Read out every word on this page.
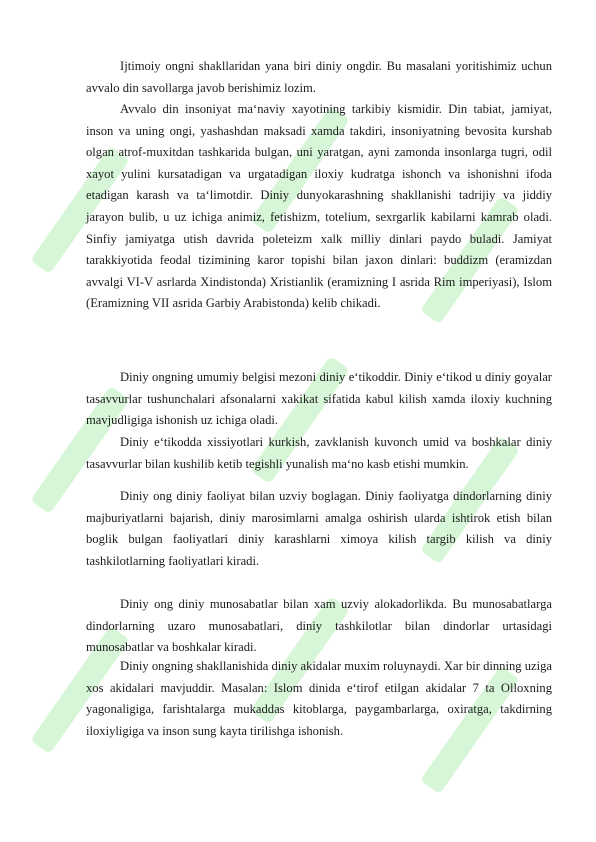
Ijtimoiy ongni shakllaridan yana biri diniy ongdir. Bu masalani yoritishimiz uchun avvalo din savollarga javob berishimiz lozim.

Avvalo din insoniyat ma‘naviy xayotining tarkibiy kismidir. Din tabiat, jamiyat, inson va uning ongi, yashashdan maksadi xamda takdiri, insoniyatning bevosita kurshab olgan atrof-muxitdan tashkarida bulgan, uni yaratgan, ayni zamonda insonlarga tugri, odil xayot yulini kursatadigan va urgatadigan iloxiy kudratga ishonch va ishonishni ifoda etadigan karash va ta‘limotdir. Diniy dunyokarashning shakllanishi tadrijiy va jiddiy jarayon bulib, u uz ichiga animiz, fetishizm, totelium, sexrgarlik kabilarni kamrab oladi. Sinfiy jamiyatga utish davrida poleteizm xalk milliy dinlari paydo buladi. Jamiyat tarakkiyotida feodal tizimining karor topishi bilan jaxon dinlari: buddizm (eramizdan avvalgi VI-V asrlarda Xindistonda) Xristianlik (eramizning I asrida Rim imperiyasi), Islom (Eramizning VII asrida Garbiy Arabistonda) kelib chikadi.

Diniy ongning umumiy belgisi mezoni diniy e‘tikoddir. Diniy e‘tikod u diniy goyalar tasavvurlar tushunchalari afsonalarni xakikat sifatida kabul kilish xamda iloxiy kuchning mavjudligiga ishonish uz ichiga oladi.

Diniy e‘tikodda xissiyotlari kurkish, zavklanish kuvonch umid va boshkalar diniy tasavvurlar bilan kushilib ketib tegishli yunalish ma‘no kasb etishi mumkin.

Diniy ong diniy faoliyat bilan uzviy boglagan. Diniy faoliyatga dindorlarning diniy majburiyatlarni bajarish, diniy marosimlarni amalga oshirish ularda ishtirok etish bilan boglik bulgan faoliyatlari diniy karashlarni ximoya kilish targib kilish va diniy tashkilotlarning faoliyatlari kiradi.

Diniy ong diniy munosabatlar bilan xam uzviy alokadorlikda. Bu munosabatlarga dindorlarning uzaro munosabatlari, diniy tashkilotlar bilan dindorlar urtasidagi munosabatlar va boshkalar kiradi.

Diniy ongning shakllanishida diniy akidalar muxim roluynaydi. Xar bir dinning uziga xos akidalari mavjuddir. Masalan: Islom dinida e‘tirof etilgan akidalar 7 ta Olloxning yagonaligiga, farishtalarga mukaddas kitoblarga, paygambarlarga, oxiratga, takdirning iloxiyligiga va inson sung kayta tirilishga ishonish.
